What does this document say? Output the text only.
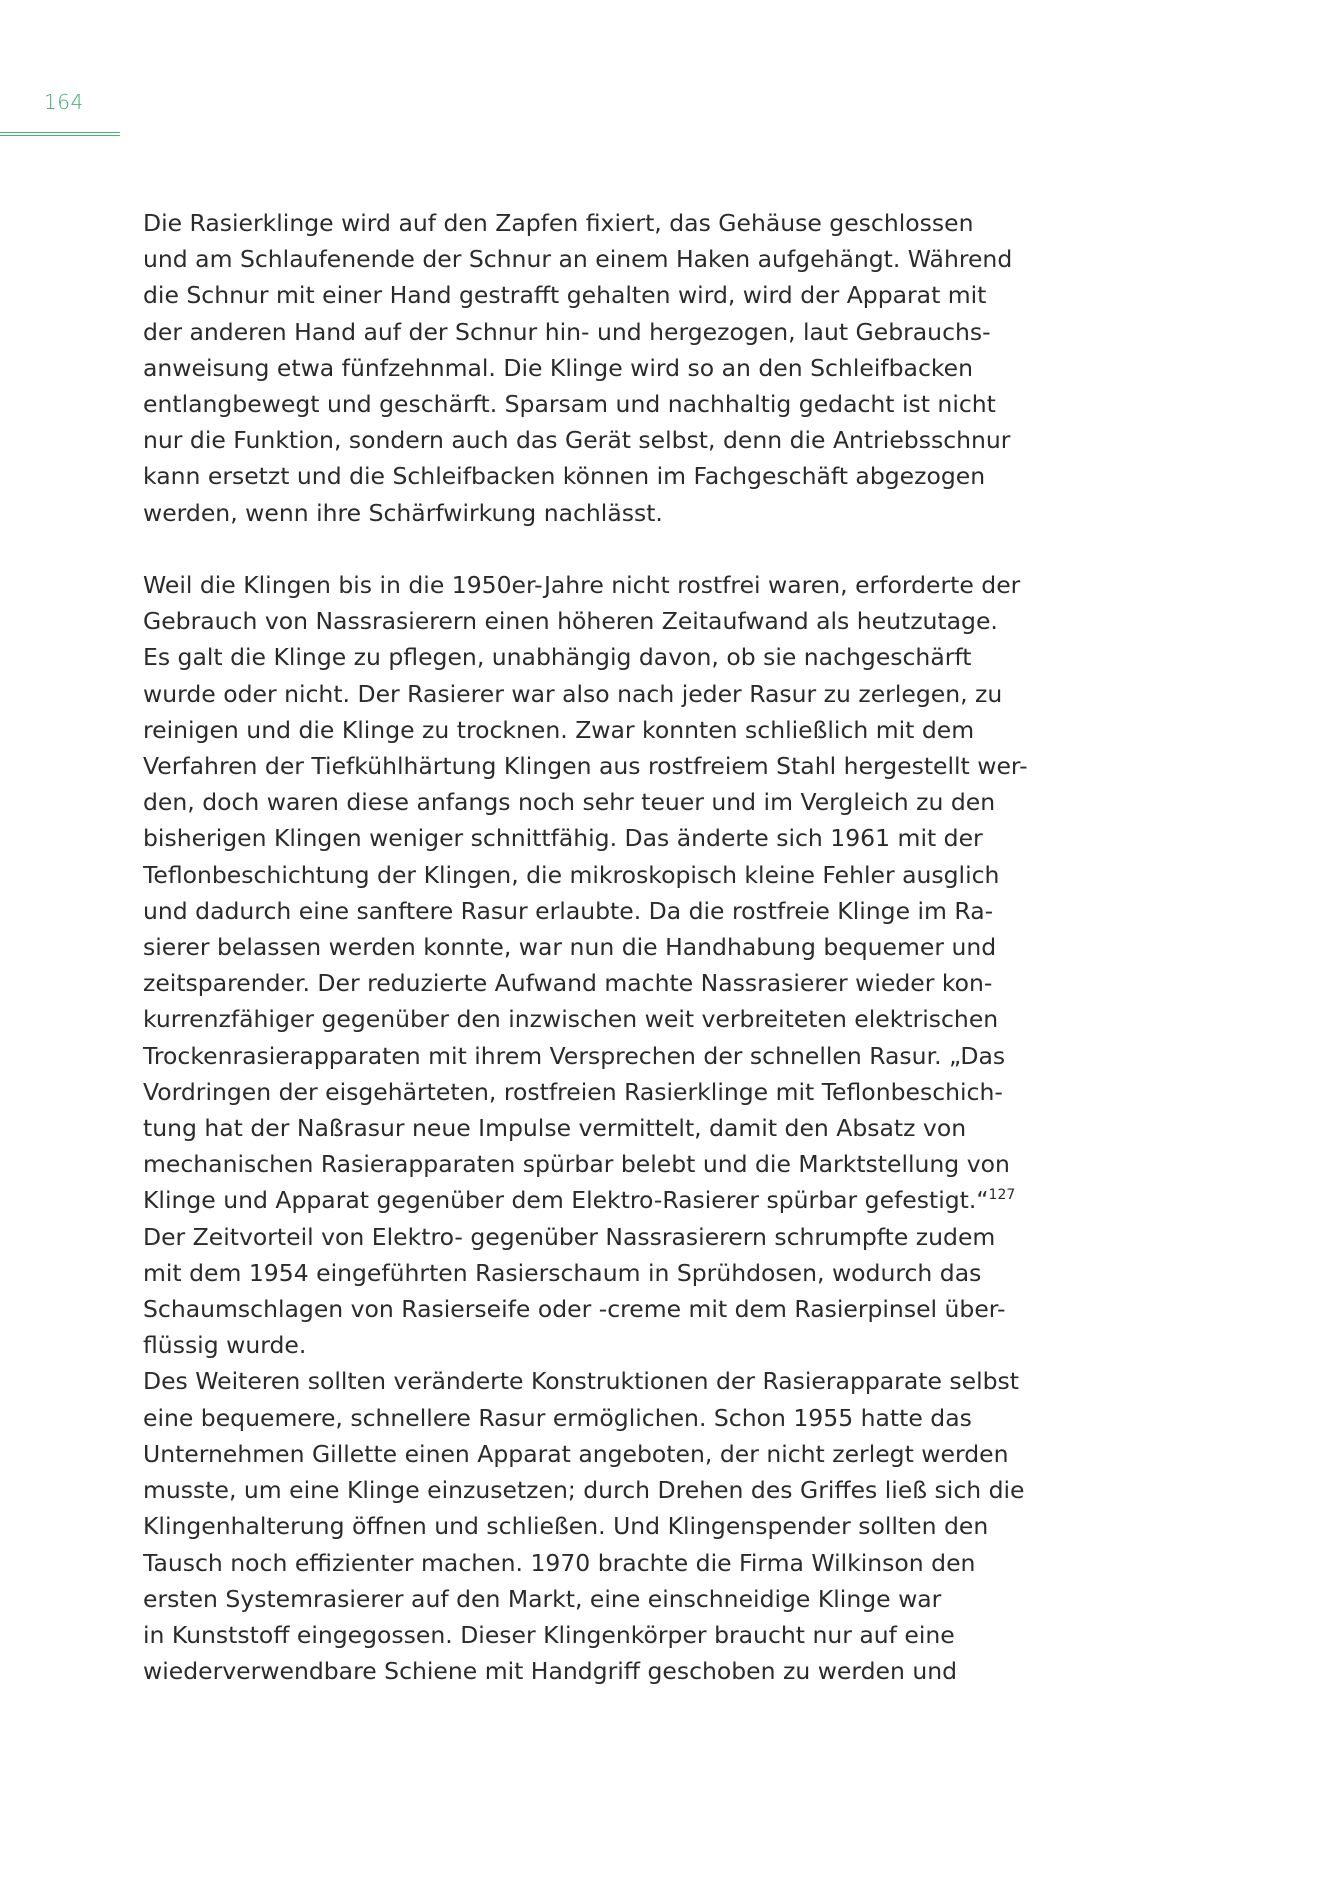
164
Die Rasierklinge wird auf den Zapfen fixiert, das Gehäuse geschlossen
und am Schlaufenende der Schnur an einem Haken aufgehängt. Während
die Schnur mit einer Hand gestrafft gehalten wird, wird der Apparat mit
der anderen Hand auf der Schnur hin- und hergezogen, laut Gebrauchs-
anweisung etwa fünfzehnmal. Die Klinge wird so an den Schleifbacken
entlangbewegt und geschärft. Sparsam und nachhaltig gedacht ist nicht
nur die Funktion, sondern auch das Gerät selbst, denn die Antriebsschnur
kann ersetzt und die Schleifbacken können im Fachgeschäft abgezogen
werden, wenn ihre Schärfwirkung nachlässt.
Weil die Klingen bis in die 1950er-Jahre nicht rostfrei waren, erforderte der
Gebrauch von Nassrasierern einen höheren Zeitaufwand als heutzutage.
Es galt die Klinge zu pflegen, unabhängig davon, ob sie nachgeschärft
wurde oder nicht. Der Rasierer war also nach jeder Rasur zu zerlegen, zu
reinigen und die Klinge zu trocknen. Zwar konnten schließlich mit dem
Verfahren der Tiefkühlhärtung Klingen aus rostfreiem Stahl hergestellt wer-
den, doch waren diese anfangs noch sehr teuer und im Vergleich zu den
bisherigen Klingen weniger schnittfähig. Das änderte sich 1961 mit der
Teflonbeschichtung der Klingen, die mikroskopisch kleine Fehler ausglich
und dadurch eine sanftere Rasur erlaubte. Da die rostfreie Klinge im Ra-
sierer belassen werden konnte, war nun die Handhabung bequemer und
zeitsparender. Der reduzierte Aufwand machte Nassrasierer wieder kon-
kurrenzfähiger gegenüber den inzwischen weit verbreiteten elektrischen
Trockenrasierapparaten mit ihrem Versprechen der schnellen Rasur. „Das
Vordringen der eisgehärteten, rostfreien Rasierklinge mit Teflonbeschich-
tung hat der Naßrasur neue Impulse vermittelt, damit den Absatz von
mechanischen Rasierapparaten spürbar belebt und die Marktstellung von
Klinge und Apparat gegenüber dem Elektro-Rasierer spürbar gefestigt.“$^{127}$
Der Zeitvorteil von Elektro- gegenüber Nassrasierern schrumpfte zudem
mit dem 1954 eingeführten Rasierschaum in Sprühdosen, wodurch das
Schaumschlagen von Rasierseife oder -creme mit dem Rasierpinsel über-
flüssig wurde.
Des Weiteren sollten veränderte Konstruktionen der Rasierapparate selbst
eine bequemere, schnellere Rasur ermöglichen. Schon 1955 hatte das
Unternehmen Gillette einen Apparat angeboten, der nicht zerlegt werden
musste, um eine Klinge einzusetzen; durch Drehen des Griffes ließ sich die
Klingenhalterung öffnen und schließen. Und Klingenspender sollten den
Tausch noch effizienter machen. 1970 brachte die Firma Wilkinson den
ersten Systemrasierer auf den Markt, eine einschneidige Klinge war
in Kunststoff eingegossen. Dieser Klingenkörper braucht nur auf eine
wiederverwendbare Schiene mit Handgriff geschoben zu werden und
